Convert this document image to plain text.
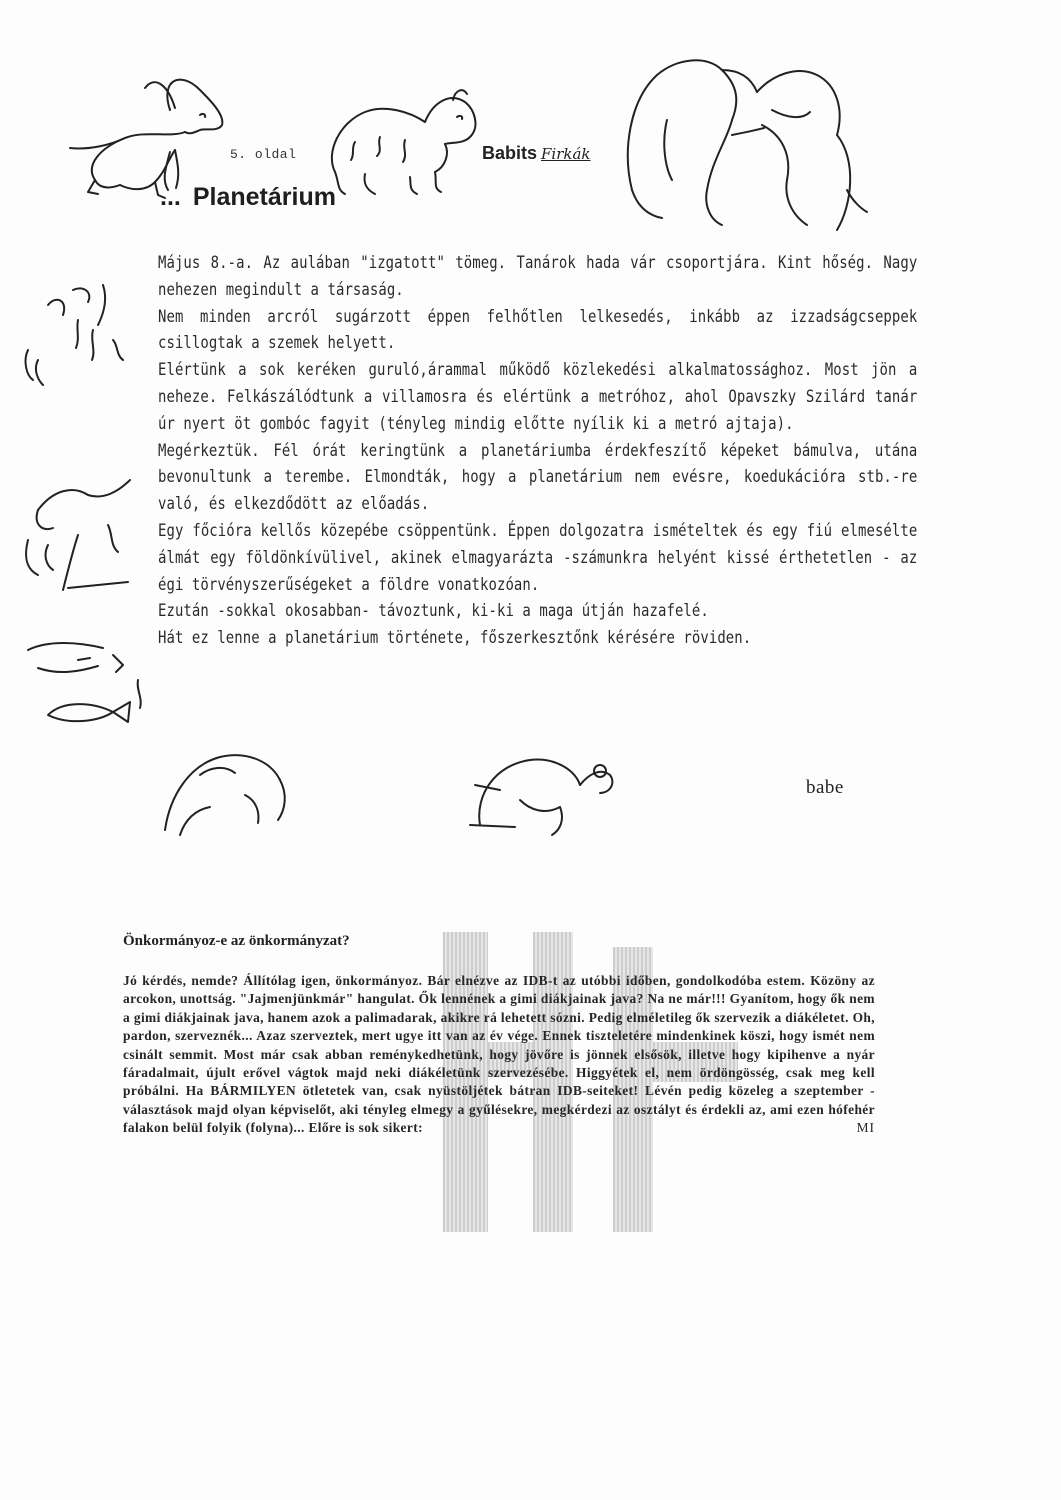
5. oldal	Babits Firkák
... Planetárium

Május 8.-a. Az aulában "izgatott" tömeg. Tanárok hada vár csoportjára. Kint hőség. Nagy nehezen megindult a társaság.

Nem minden arcról sugárzott éppen felhőtlen lelkesedés, inkább az izzadságcseppek csillogtak a szemek helyett.

Elértünk a sok keréken guruló,árammal működő közlekedési alkalmatossághoz. Most jön a neheze. Felkászálódtunk a villamosra és elértünk a metróhoz, ahol Opavszky Szilárd tanár úr nyert öt gombóc fagyit (tényleg mindig előtte nyílik ki a metró ajtaja).

Megérkeztük. Fél órát keringtünk a planetáriumba érdekfeszítő képeket bámulva, utána bevonultunk a terembe. Elmondták, hogy a planetárium nem evésre, koedukációra stb.-re való, és elkezdődött az előadás.

Egy főcióra kellős közepébe csöppentünk. Éppen dolgozatra ismételtek és egy fiú elmesélte álmát egy földönkívülivel, akinek elmagyarázta -számunkra helyént kissé érthetetlen - az égi törvényszerűségeket a földre vonatkozóan.

Ezután -sokkal okosabban- távoztunk, ki-ki a maga útján hazafelé.

Hát ez lenne a planetárium története, főszerkesztőnk kérésére röviden.

babe
Önkormányoz-e az önkormányzat?
Jó kérdés, nemde? Állítólag igen, önkormányoz. Bár elnézve az IDB-t az utóbbi időben, gondolkodóba estem. Közöny az arcokon, unottság. "Jajmenjünkmár" hangulat. Ők lennének a gimi diákjainak java? Na ne már!!! Gyanítom, hogy ők nem a gimi diákjainak java, hanem azok a palimadarak, akikre rá lehetett sózni. Pedig elméletileg ők szervezik a diákéletet. Oh, pardon, szerveznék... Azaz szerveztek, mert ugye itt van az év vége. Ennek tiszteletére mindenkinek köszi, hogy ismét nem csinált semmit. Most már csak abban reménykedhetünk, hogy jövőre is jönnek elsősök, illetve hogy kipihenve a nyár fáradalmait, újult erővel vágtok majd neki diákéletünk szervezésébe. Higgyétek el, nem ördöngösség, csak meg kell próbálni. Ha BÁRMILYEN ötletetek van, csak nyüstöljétek bátran IDB-seiteket! Lévén pedig közeleg a szeptember - választások majd olyan képviselőt, aki tényleg elmegy a gyűlésekre, megkérdezi az osztályt és érdekli az, ami ezen hófehér falakon belül folyik (folyna)... Előre is sok sikert:	MI
